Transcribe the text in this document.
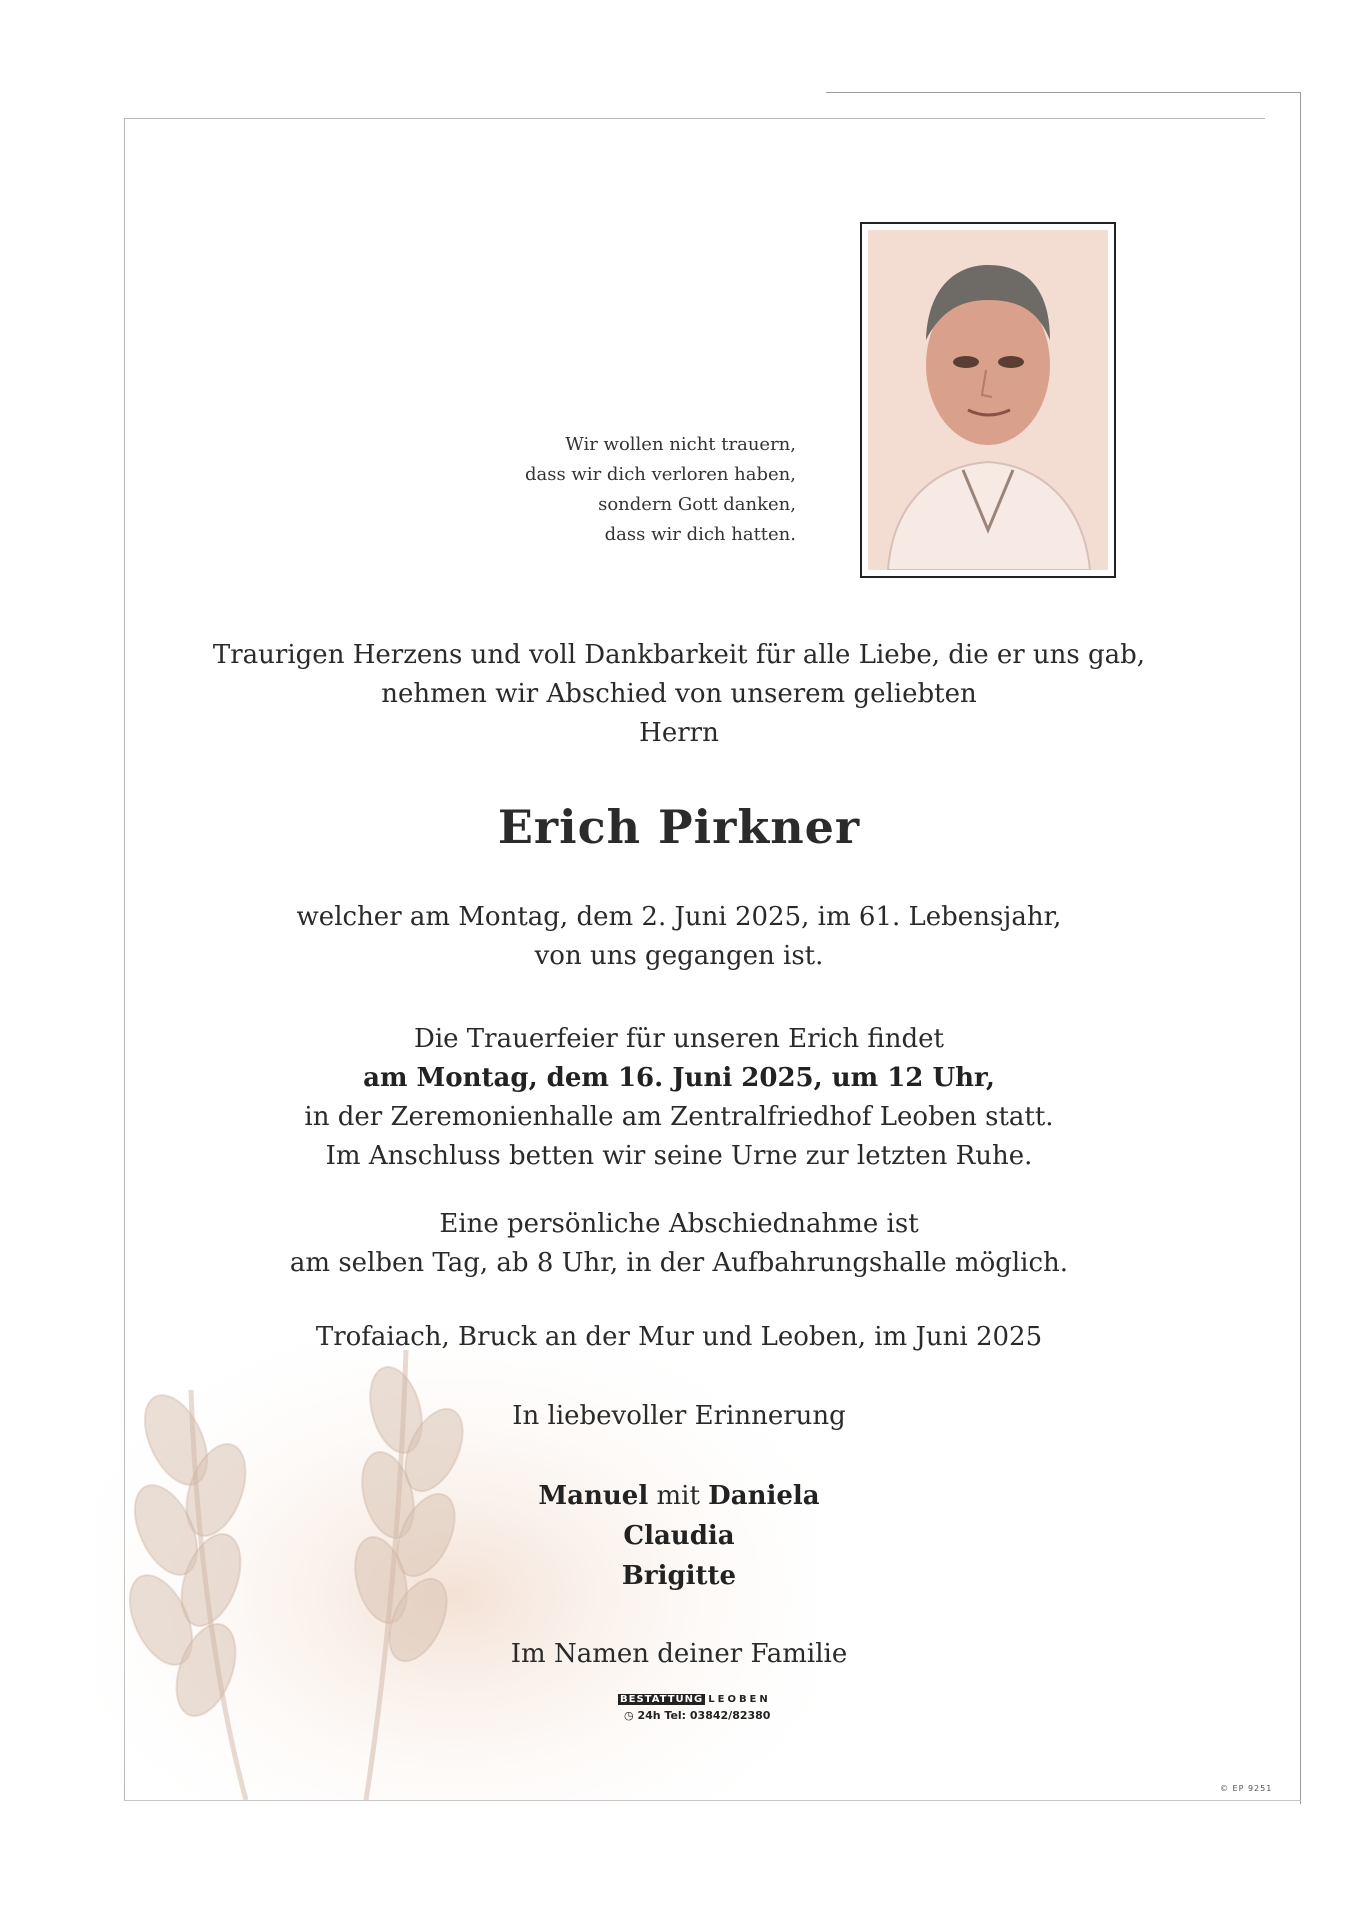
Wir wollen nicht trauern,
dass wir dich verloren haben,
sondern Gott danken,
dass wir dich hatten.
Traurigen Herzens und voll Dankbarkeit für alle Liebe, die er uns gab,
nehmen wir Abschied von unserem geliebten
Herrn
Erich Pirkner
welcher am Montag, dem 2. Juni 2025, im 61. Lebensjahr,
von uns gegangen ist.
Die Trauerfeier für unseren Erich findet
am Montag, dem 16. Juni 2025, um 12 Uhr,
in der Zeremonienhalle am Zentralfriedhof Leoben statt.
Im Anschluss betten wir seine Urne zur letzten Ruhe.
Eine persönliche Abschiednahme ist
am selben Tag, ab 8 Uhr, in der Aufbahrungshalle möglich.
Trofaiach, Bruck an der Mur und Leoben, im Juni 2025
In liebevoller Erinnerung
Manuel mit Daniela
Claudia
Brigitte
Im Namen deiner Familie
BESTATTUNG LEOBEN
◷ 24h Tel: 03842/82380
© EP 9251
